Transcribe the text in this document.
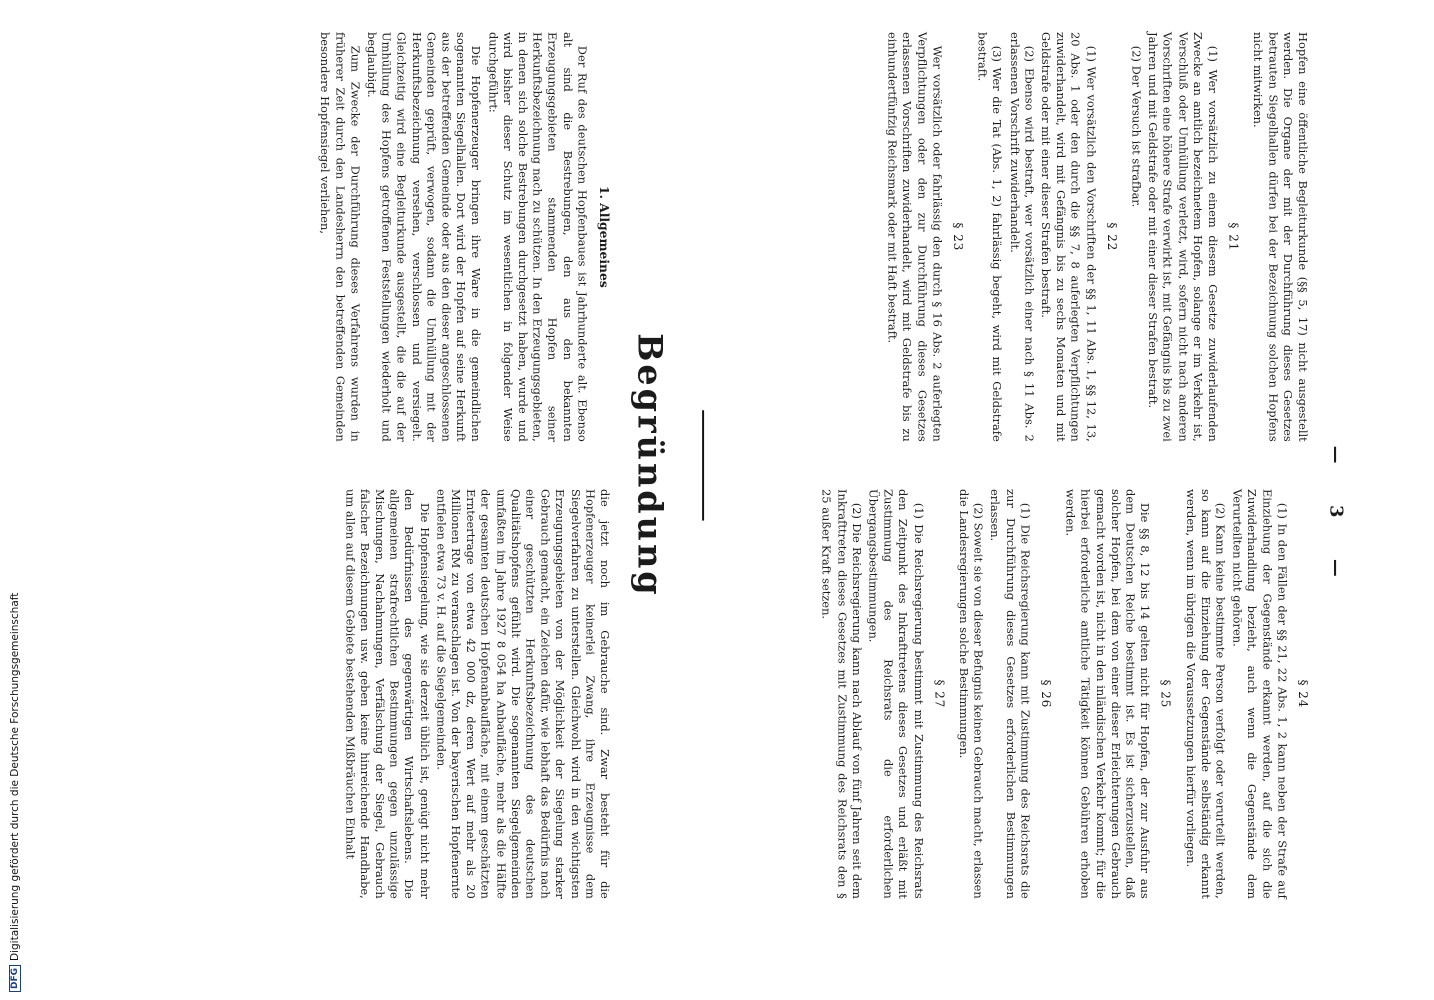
DFGDigitalisierung gefördert durch die Deutsche Forschungsgemeinschaft
— 3 —

Hopfen eine öffentliche Begleiturkunde (§§ 5, 17) nicht ausgestellt werden. Die Organe der mit der Durchführung dieses Gesetzes betrauten Siegelhallen dürfen bei der Bezeichnung solchen Hopfens nicht mitwirken.

§ 21

(1) Wer vorsätzlich zu einem diesem Gesetze zuwiderlaufenden Zwecke an amtlich bezeichnetem Hopfen, solange er im Verkehr ist, Verschluß oder Umhüllung verletzt, wird, sofern nicht nach anderen Vorschriften eine höhere Strafe verwirkt ist, mit Gefängnis bis zu zwei Jahren und mit Geldstrafe oder mit einer dieser Strafen bestraft.

(2) Der Versuch ist strafbar.

§ 22

(1) Wer vorsätzlich den Vorschriften der §§ 1, 11 Abs. 1, §§ 12, 13, 20 Abs. 1 oder den durch die §§ 7, 8 auferlegten Verpflichtungen zuwiderhandelt, wird mit Gefängnis bis zu sechs Monaten und mit Geldstrafe oder mit einer dieser Strafen bestraft.

(2) Ebenso wird bestraft, wer vorsätzlich einer nach § 11 Abs. 2 erlassenen Vorschrift zuwiderhandelt.

(3) Wer die Tat (Abs. 1, 2) fahrlässig begeht, wird mit Geldstrafe bestraft.

§ 23

Wer vorsätzlich oder fahrlässig den durch § 16 Abs. 2 auferlegten Verpflichtungen oder den zur Durchführung dieses Gesetzes erlassenen Vorschriften zuwiderhandelt, wird mit Geldstrafe bis zu einhundertfünfzig Reichsmark oder mit Haft bestraft.

§ 24

(1) In den Fällen der §§ 21, 22 Abs. 1, 2 kann neben der Strafe auf Einziehung der Gegenstände erkannt werden, auf die sich die Zuwiderhandlung bezieht, auch wenn die Gegenstände dem Verurteilten nicht gehören.

(2) Kann keine bestimmte Person verfolgt oder verurteilt werden, so kann auf die Einziehung der Gegenstände selbständig erkannt werden, wenn im übrigen die Voraussetzungen hierfür vorliegen.

§ 25

Die §§ 8, 12 bis 14 gelten nicht für Hopfen, der zur Ausfuhr aus dem Deutschen Reiche bestimmt ist. Es ist sicherzustellen, daß solcher Hopfen, bei dem von einer dieser Erleichterungen Gebrauch gemacht worden ist, nicht in den inländischen Verkehr kommt; für die hierbei erforderliche amtliche Tätigkeit können Gebühren erhoben werden.

§ 26

(1) Die Reichsregierung kann mit Zustimmung des Reichsrats die zur Durchführung dieses Gesetzes erforderlichen Bestimmungen erlassen.

(2) Soweit sie von dieser Befugnis keinen Gebrauch macht, erlassen die Landesregierungen solche Bestimmungen.

§ 27

(1) Die Reichsregierung bestimmt mit Zustimmung des Reichsrats den Zeitpunkt des Inkrafttretens dieses Gesetzes und erläßt mit Zustimmung des Reichsrats die erforderlichen Übergangsbestimmungen.

(2) Die Reichsregierung kann nach Ablauf von fünf Jahren seit dem Inkrafttreten dieses Gesetzes mit Zustimmung des Reichsrats den § 25 außer Kraft setzen.

Begründung
1. Allgemeines

Der Ruf des deutschen Hopfenbaues ist Jahrhunderte alt. Ebenso alt sind die Bestrebungen, den aus den bekannten Erzeugungsgebieten stammenden Hopfen seiner Herkunftsbezeichnung nach zu schützen. In den Erzeugungsgebieten, in denen sich solche Bestrebungen durchgesetzt haben, wurde und wird bisher dieser Schutz im wesentlichen in folgender Weise durchgeführt:

Die Hopfenerzeuger bringen ihre Ware in die gemeindlichen sogenannten Siegelhallen. Dort wird der Hopfen auf seine Herkunft aus der betreffenden Gemeinde oder aus den dieser angeschlossenen Gemeinden geprüft, verwogen, sodann die Umhüllung mit der Herkunftsbezeichnung versehen, verschlossen und versiegelt. Gleichzeitig wird eine Begleiturkunde ausgestellt, die die auf der Umhüllung des Hopfens getroffenen Feststellungen wiederholt und beglaubigt.

Zum Zwecke der Durchführung dieses Verfahrens wurden in früherer Zeit durch den Landesherrn den betreffenden Gemeinden besondere Hopfensiegel verliehen,

die jetzt noch im Gebrauche sind. Zwar besteht für die Hopfenerzeuger keinerlei Zwang, ihre Erzeugnisse dem Siegelverfahren zu unterstellen. Gleichwohl wird in den wichtigsten Erzeugungsgebieten von der Möglichkeit der Siegelung starker Gebrauch gemacht, ein Zeichen dafür, wie lebhaft das Bedürfnis nach einer geschützten Herkunftsbezeichnung des deutschen Qualitätshopfens gefühlt wird. Die sogenannten Siegelgemeinden umfaßten im Jahre 1927 8 054 ha Anbaufläche, mehr als die Hälfte der gesamten deutschen Hopfenanbaufläche, mit einem geschätzten Ernteertrage von etwa 42 000 dz, deren Wert auf mehr als 20 Millionen RM zu veranschlagen ist. Von der bayerischen Hopfenernte entfielen etwa 73 v. H. auf die Siegelgemeinden.

Die Hopfensiegelung, wie sie derzeit üblich ist, genügt nicht mehr den Bedürfnissen des gegenwärtigen Wirtschaftslebens. Die allgemeinen strafrechtlichen Bestimmungen gegen unzulässige Mischungen, Nachahmungen, Verfälschung der Siegel, Gebrauch falscher Bezeichnungen usw. geben keine hinreichende Handhabe, um allen auf diesem Gebiete bestehenden Mißbräuchen Einhalt
